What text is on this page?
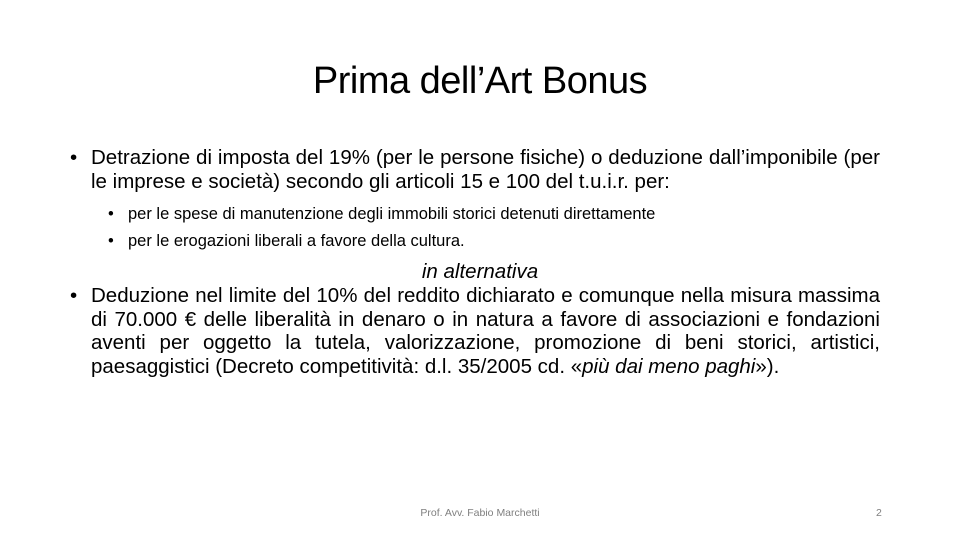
Prima dell’Art Bonus
• Detrazione di imposta del 19% (per le persone fisiche) o deduzione dall’imponibile (per le imprese e società) secondo gli articoli 15 e 100 del t.u.i.r. per:
• per le spese di manutenzione degli immobili storici detenuti direttamente
• per le erogazioni liberali a favore della cultura.
in alternativa
• Deduzione nel limite del 10% del reddito dichiarato e comunque nella misura massima di 70.000 € delle liberalità in denaro o in natura a favore di associazioni e fondazioni aventi per oggetto la tutela, valorizzazione, promozione di beni storici, artistici, paesaggistici (Decreto competitività: d.l. 35/2005 cd. «più dai meno paghi»).
Prof. Avv. Fabio Marchetti	2
